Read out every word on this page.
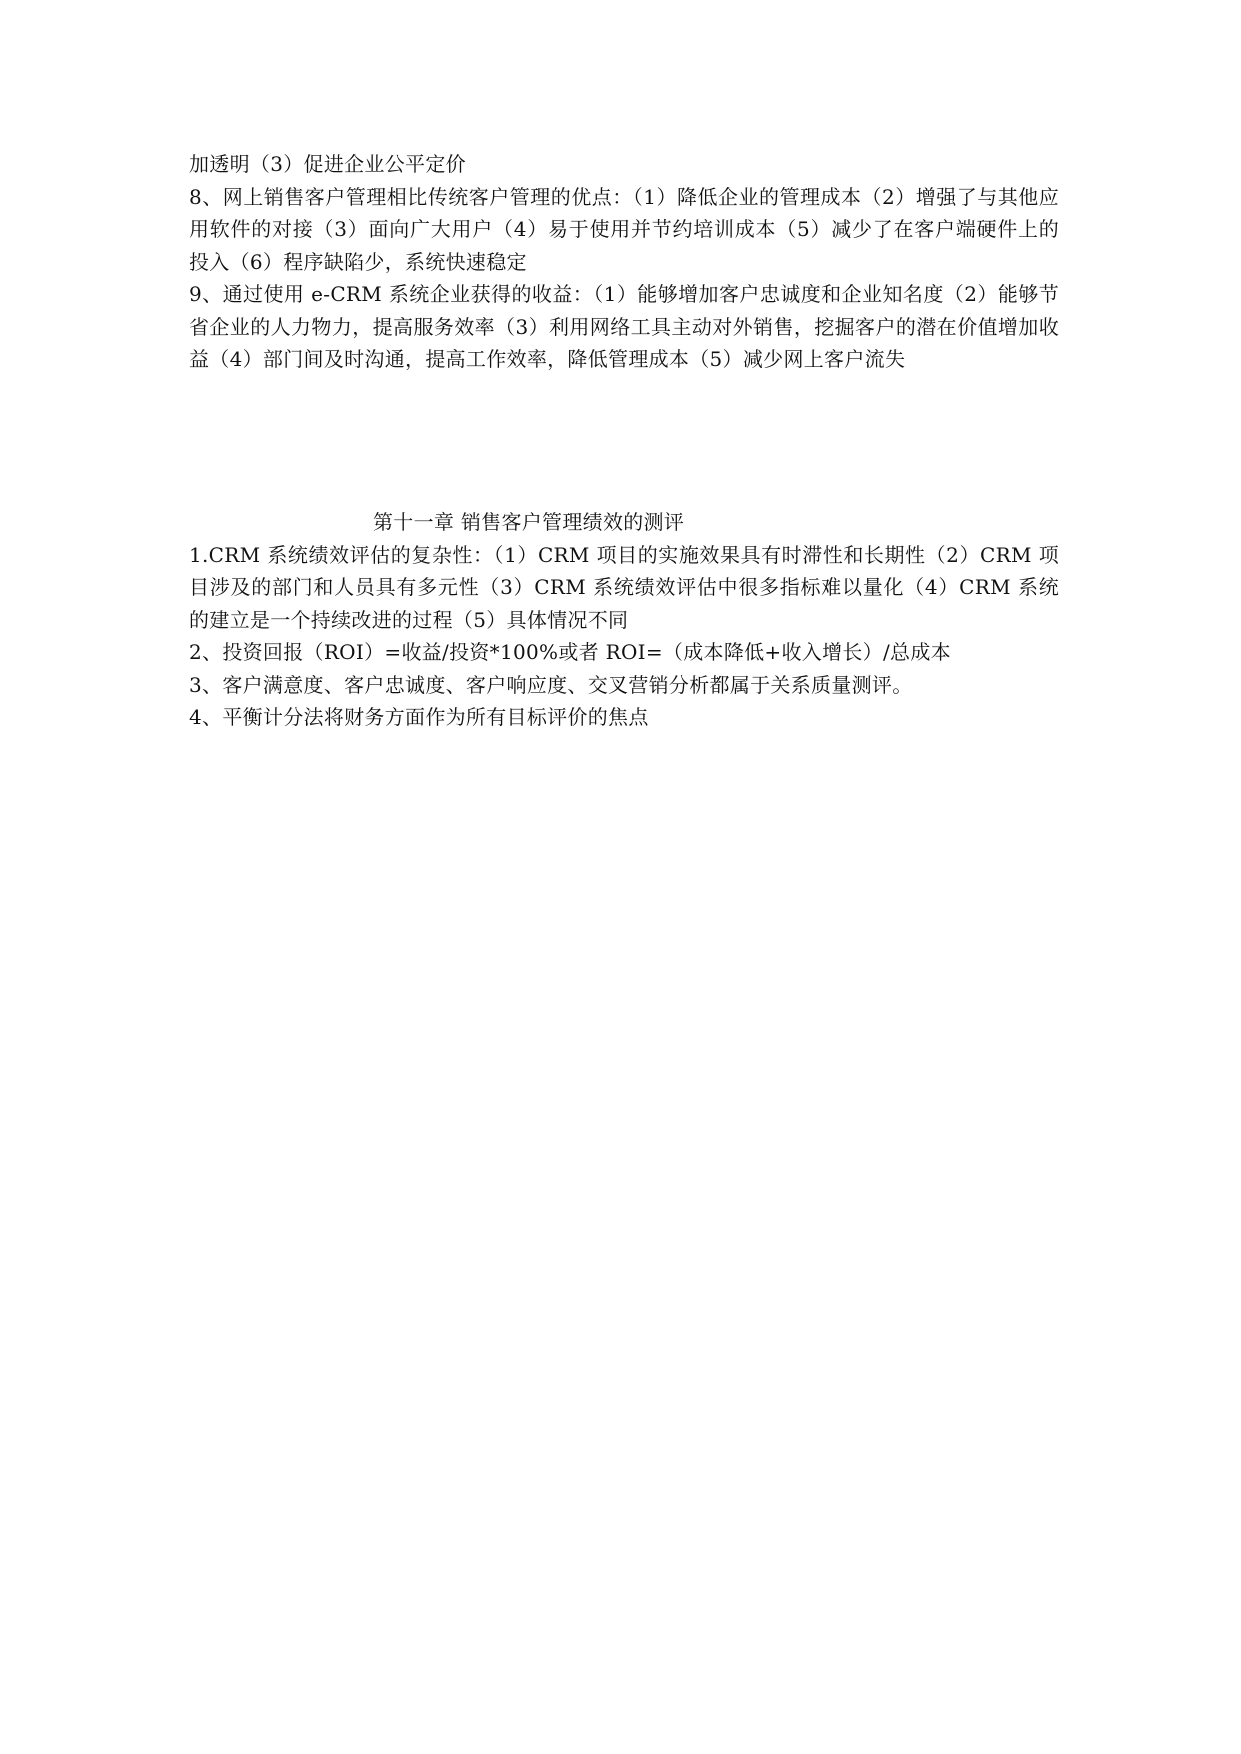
加透明（3）促进企业公平定价

8、网上销售客户管理相比传统客户管理的优点：（1）降低企业的管理成本（2）增强了与其他应用软件的对接（3）面向广大用户（4）易于使用并节约培训成本（5）减少了在客户端硬件上的投入（6）程序缺陷少，系统快速稳定

9、通过使用 e-CRM 系统企业获得的收益：（1）能够增加客户忠诚度和企业知名度（2）能够节省企业的人力物力，提高服务效率（3）利用网络工具主动对外销售，挖掘客户的潜在价值增加收益（4）部门间及时沟通，提高工作效率，降低管理成本（5）减少网上客户流失

第十一章 销售客户管理绩效的测评

1.CRM 系统绩效评估的复杂性：（1）CRM 项目的实施效果具有时滞性和长期性（2）CRM 项目涉及的部门和人员具有多元性（3）CRM 系统绩效评估中很多指标难以量化（4）CRM 系统的建立是一个持续改进的过程（5）具体情况不同

2、投资回报（ROI）=收益/投资*100%或者 ROI=（成本降低+收入增长）/总成本

3、客户满意度、客户忠诚度、客户响应度、交叉营销分析都属于关系质量测评。

4、平衡计分法将财务方面作为所有目标评价的焦点
